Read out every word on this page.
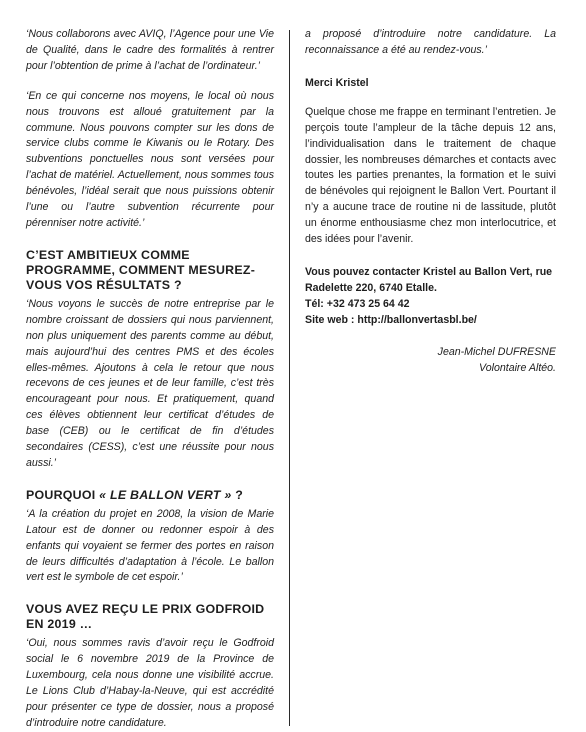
‘Nous collaborons avec AVIQ, l’Agence pour une Vie de Qualité, dans le cadre des formalités à rentrer pour l’obtention de prime à l’achat de l’ordinateur.’

‘En ce qui concerne nos moyens, le local où nous nous trouvons est alloué gratuitement par la commune. Nous pouvons compter sur les dons de service clubs comme le Kiwanis ou le Rotary. Des subventions ponctuelles nous sont versées pour l’achat de matériel. Actuellement, nous sommes tous bénévoles, l’idéal serait que nous puissions obtenir l’une ou l’autre subvention récurrente pour pérenniser notre activité.’

C’EST AMBITIEUX COMME PROGRAMME, COMMENT MESUREZ-VOUS VOS RÉSULTATS ?

‘Nous voyons le succès de notre entreprise par le nombre croissant de dossiers qui nous parviennent, non plus uniquement des parents comme au début, mais aujourd’hui des centres PMS et des écoles elles-mêmes. Ajoutons à cela le retour que nous recevons de ces jeunes et de leur famille, c’est très encourageant pour nous. Et pratiquement, quand ces élèves obtiennent leur certificat d’études de base (CEB) ou le certificat de fin d’études secondaires (CESS), c’est une réussite pour nous aussi.’

POURQUOI « LE BALLON VERT » ?

‘A la création du projet en 2008, la vision de Marie Latour est de donner ou redonner espoir à des enfants qui voyaient se fermer des portes en raison de leurs difficultés d’adaptation à l’école. Le ballon vert est le symbole de cet espoir.’

VOUS AVEZ REÇU LE PRIX GODFROID EN 2019 …

‘Oui, nous sommes ravis d’avoir reçu le Godfroid social le 6 novembre 2019 de la Province de Luxembourg, cela nous donne une visibilité accrue. Le Lions Club d’Habay-la-Neuve, qui est accrédité pour présenter ce type de dossier, nous a proposé d’introduire notre candidature.

a proposé d’introduire notre candidature. La reconnaissance a été au rendez-vous.’

Merci Kristel

Quelque chose me frappe en terminant l’entretien. Je perçois toute l’ampleur de la tâche depuis 12 ans, l’individualisation dans le traitement de chaque dossier, les nombreuses démarches et contacts avec toutes les parties prenantes, la formation et le suivi de bénévoles qui rejoignent le Ballon Vert. Pourtant il n’y a aucune trace de routine ni de lassitude, plutôt un énorme enthousiasme chez mon interlocutrice, et des idées pour l’avenir.

Vous pouvez contacter Kristel au Ballon Vert, rue Radelette 220, 6740 Etalle.

Tél: +32 473 25 64 42

Site web : http://ballonvertasbl.be/

Jean-Michel DUFRESNE

Volontaire Altéo.
